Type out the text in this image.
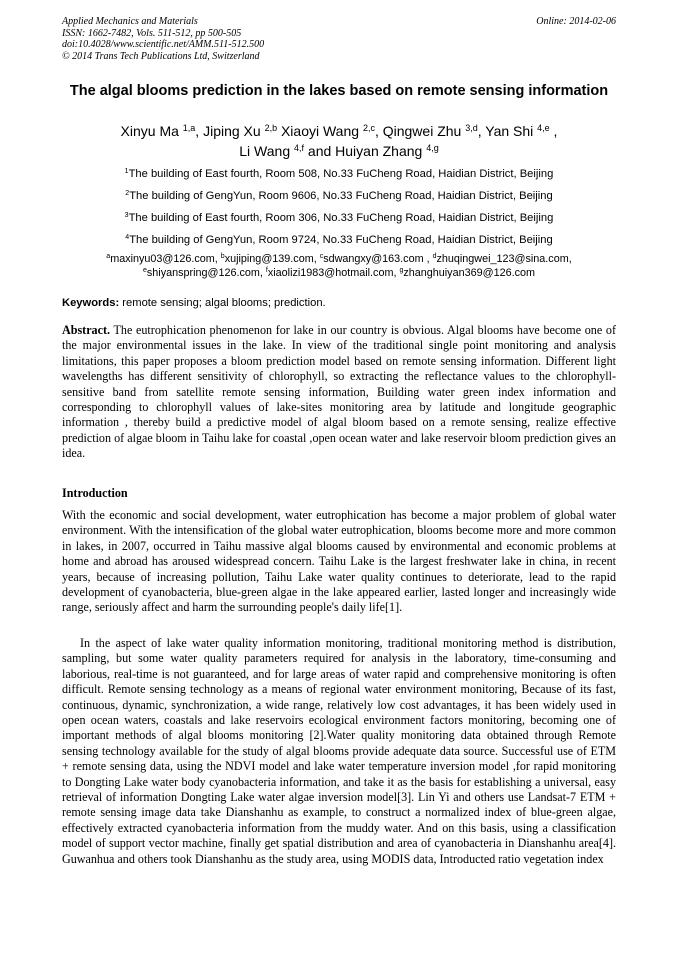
Applied Mechanics and Materials
ISSN: 1662-7482, Vols. 511-512, pp 500-505
doi:10.4028/www.scientific.net/AMM.511-512.500
© 2014 Trans Tech Publications Ltd, Switzerland
Online: 2014-02-06
The algal blooms prediction in the lakes based on remote sensing information
Xinyu Ma $^{1,a}$, Jiping Xu $^{2,b}$ Xiaoyi Wang $^{2,c}$, Qingwei Zhu $^{3,d}$, Yan Shi $^{4,e}$ ,
Li Wang $^{4,f}$ and Huiyan Zhang $^{4,g}$
$^1$The building of East fourth, Room 508, No.33 FuCheng Road, Haidian District, Beijing
$^2$The building of GengYun, Room 9606, No.33 FuCheng Road, Haidian District, Beijing
$^3$The building of East fourth, Room 306, No.33 FuCheng Road, Haidian District, Beijing
$^4$The building of GengYun, Room 9724, No.33 FuCheng Road, Haidian District, Beijing
$^a$maxinyu03@126.com, $^b$xujiping@139.com, $^c$sdwangxy@163.com , $^d$zhuqingwei_123@sina.com,
$^e$shiyanspring@126.com, $^f$xiaolizi1983@hotmail.com, $^g$zhanghuiyan369@126.com
Keywords: remote sensing; algal blooms; prediction.
Abstract. The eutrophication phenomenon for lake in our country is obvious. Algal blooms have become one of the major environmental issues in the lake. In view of the traditional single point monitoring and analysis limitations, this paper proposes a bloom prediction model based on remote sensing information. Different light wavelengths has different sensitivity of chlorophyll, so extracting the reflectance values to the chlorophyll-sensitive band from satellite remote sensing information, Building water green index information and corresponding to chlorophyll values of lake-sites monitoring area by latitude and longitude geographic information , thereby build a predictive model of algal bloom based on a remote sensing, realize effective prediction of algae bloom in Taihu lake for coastal ,open ocean water and lake reservoir bloom prediction gives an idea.
Introduction

With the economic and social development, water eutrophication has become a major problem of global water environment. With the intensification of the global water eutrophication, blooms become more and more common in lakes, in 2007, occurred in Taihu massive algal blooms caused by environmental and economic problems at home and abroad has aroused widespread concern. Taihu Lake is the largest freshwater lake in china, in recent years, because of increasing pollution, Taihu Lake water quality continues to deteriorate, lead to the rapid development of cyanobacteria, blue-green algae in the lake appeared earlier, lasted longer and increasingly wide range, seriously affect and harm the surrounding people's daily life[1].

In the aspect of lake water quality information monitoring, traditional monitoring method is distribution, sampling, but some water quality parameters required for analysis in the laboratory, time-consuming and laborious, real-time is not guaranteed, and for large areas of water rapid and comprehensive monitoring is often difficult. Remote sensing technology as a means of regional water environment monitoring, Because of its fast, continuous, dynamic, synchronization, a wide range, relatively low cost advantages, it has been widely used in open ocean waters, coastals and lake reservoirs ecological environment factors monitoring, becoming one of important methods of algal blooms monitoring [2].Water quality monitoring data obtained through Remote sensing technology available for the study of algal blooms provide adequate data source. Successful use of ETM + remote sensing data, using the NDVI model and lake water temperature inversion model ,for rapid monitoring to Dongting Lake water body cyanobacteria information, and take it as the basis for establishing a universal, easy retrieval of information Dongting Lake water algae inversion model[3]. Lin Yi and others use Landsat-7 ETM + remote sensing image data take Dianshanhu as example, to construct a normalized index of blue-green algae, effectively extracted cyanobacteria information from the muddy water. And on this basis, using a classification model of support vector machine, finally get spatial distribution and area of cyanobacteria in Dianshanhu area[4]. Guwanhua and others took Dianshanhu as the study area, using MODIS data, Introducted ratio vegetation index
